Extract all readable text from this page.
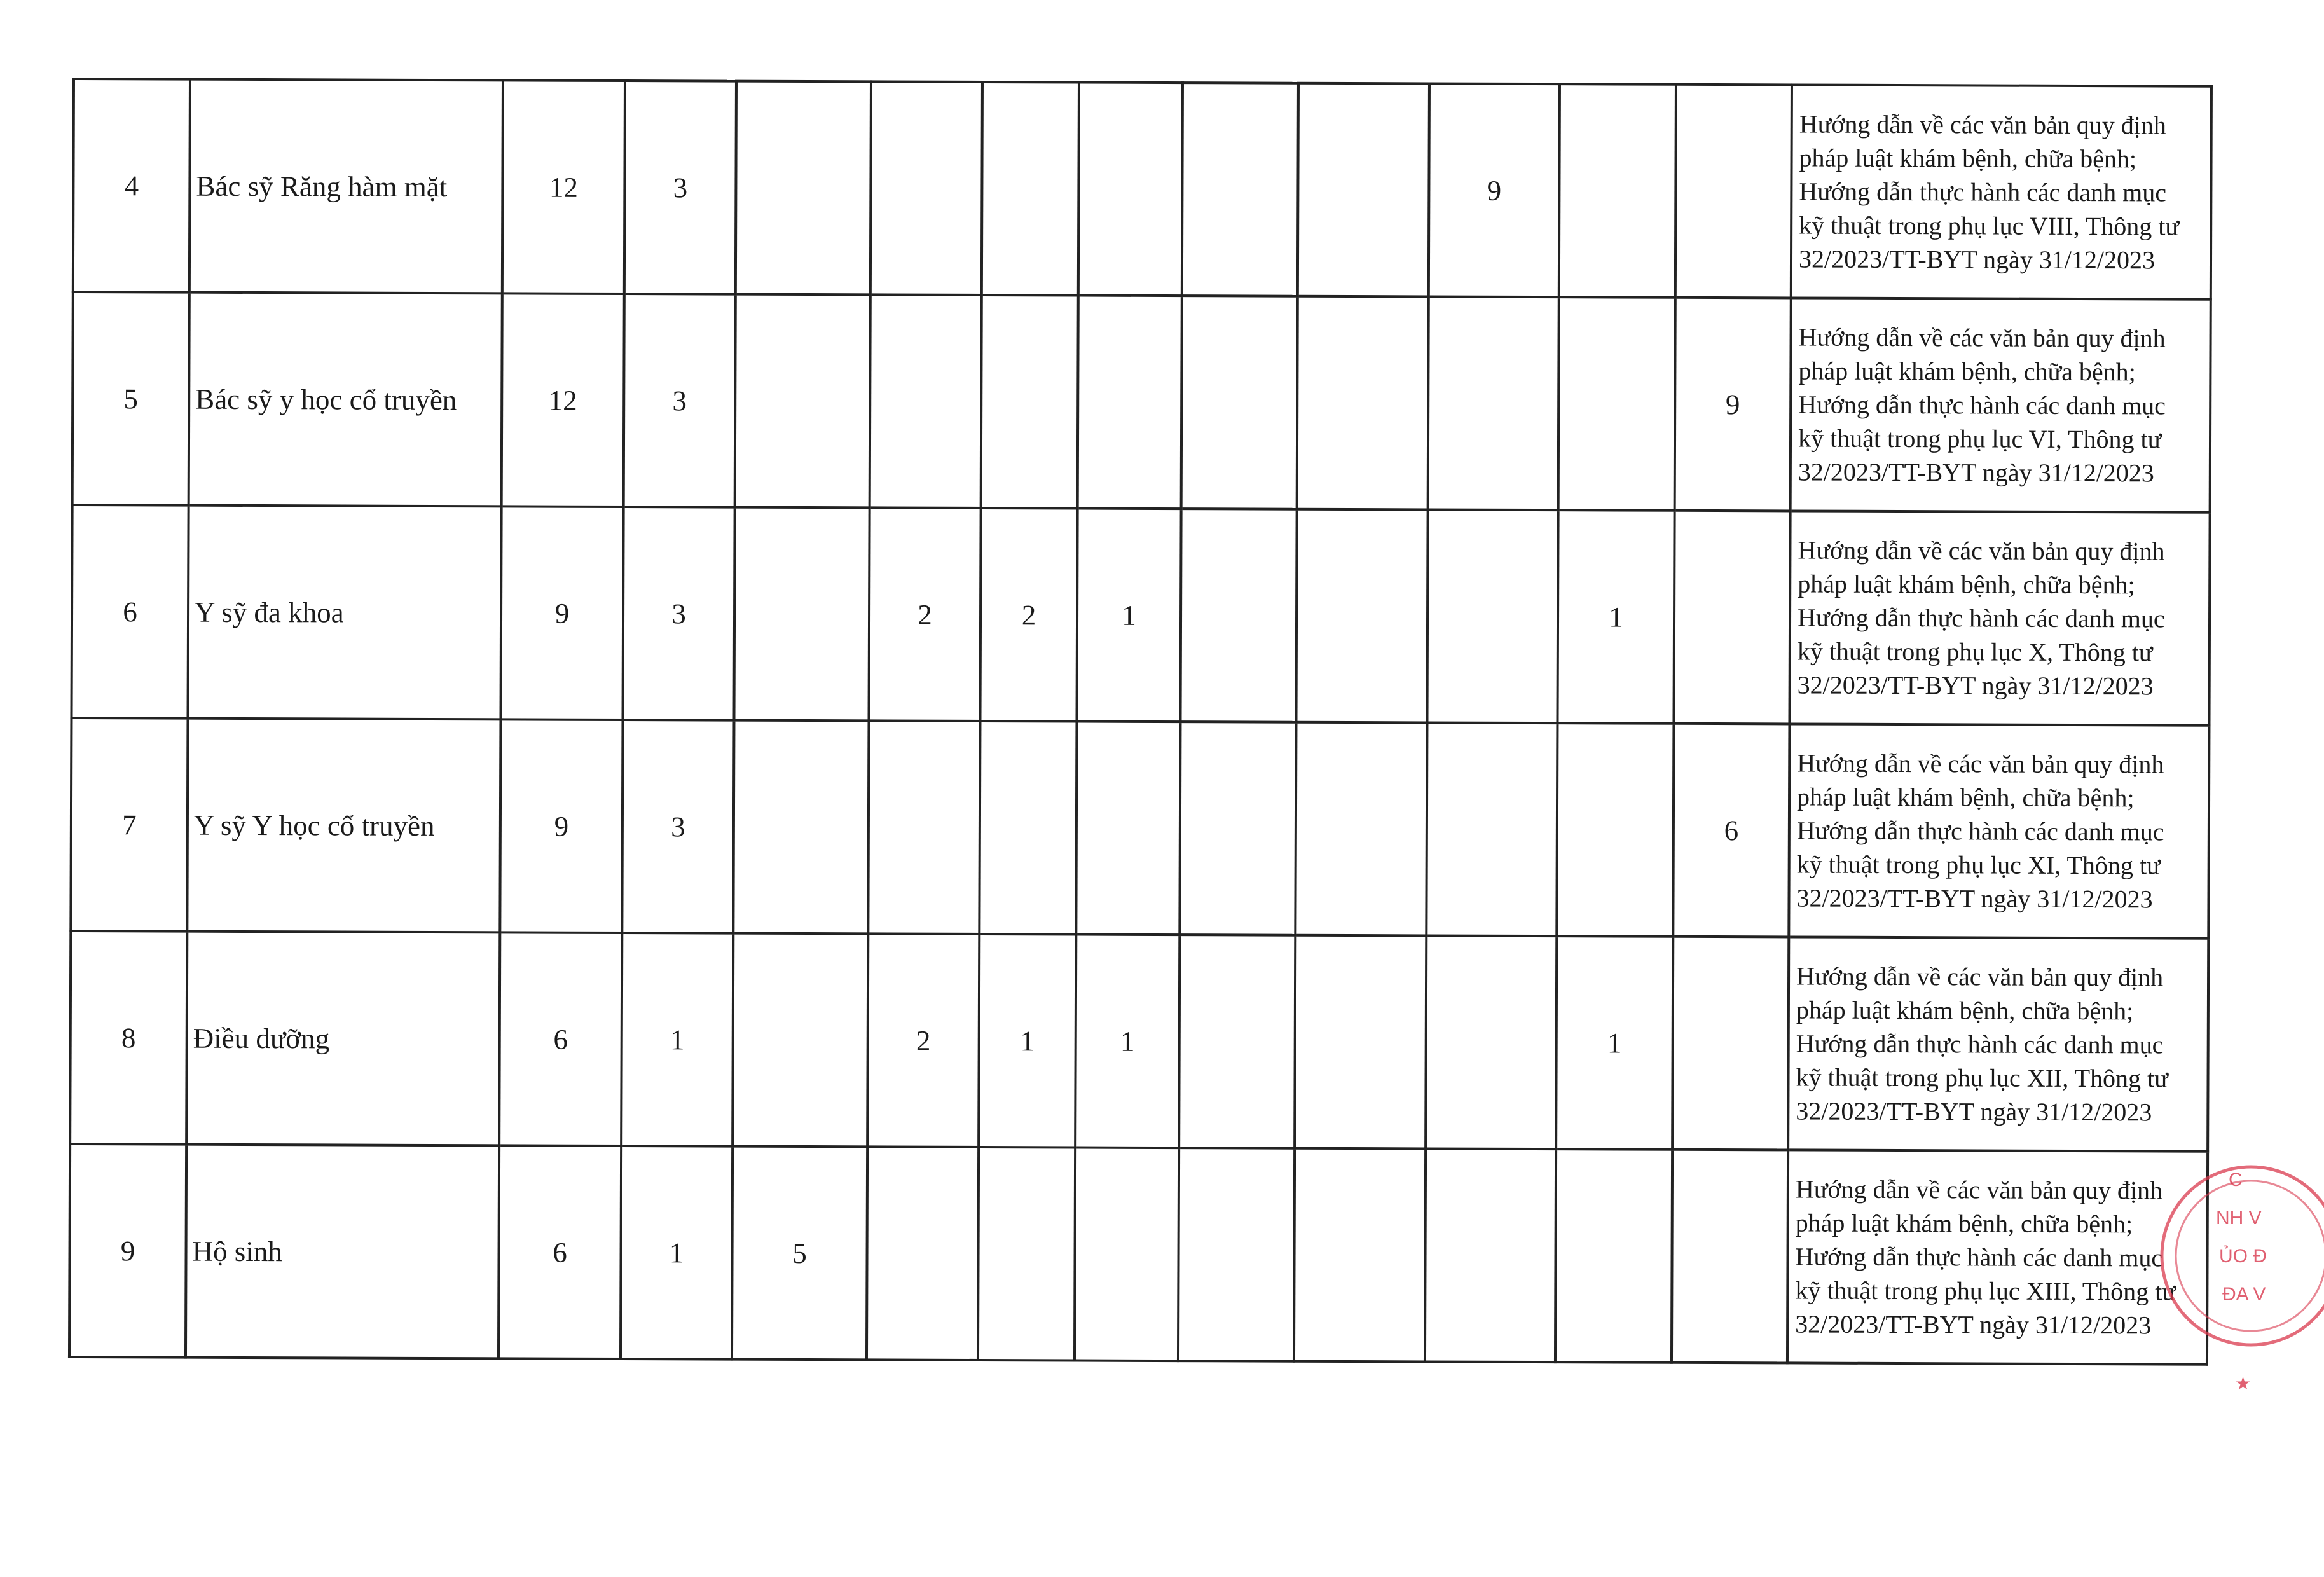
4	Bác sỹ Răng hàm mặt	12	3							9			Hướng dẫn về các văn bản quy định
pháp luật khám bệnh, chữa bệnh;
Hướng dẫn thực hành các danh mục
kỹ thuật trong phụ lục VIII, Thông tư
32/2023/TT-BYT ngày 31/12/2023

5	Bác sỹ y học cổ truyền	12	3									9	Hướng dẫn về các văn bản quy định
pháp luật khám bệnh, chữa bệnh;
Hướng dẫn thực hành các danh mục
kỹ thuật trong phụ lục VI, Thông tư
32/2023/TT-BYT ngày 31/12/2023

6	Y sỹ đa khoa	9	3		2	2	1				1		Hướng dẫn về các văn bản quy định
pháp luật khám bệnh, chữa bệnh;
Hướng dẫn thực hành các danh mục
kỹ thuật trong phụ lục X, Thông tư
32/2023/TT-BYT ngày 31/12/2023

7	Y sỹ Y học cổ truyền	9	3									6	Hướng dẫn về các văn bản quy định
pháp luật khám bệnh, chữa bệnh;
Hướng dẫn thực hành các danh mục
kỹ thuật trong phụ lục XI, Thông tư
32/2023/TT-BYT ngày 31/12/2023

8	Điều dưỡng	6	1		2	1	1				1		Hướng dẫn về các văn bản quy định
pháp luật khám bệnh, chữa bệnh;
Hướng dẫn thực hành các danh mục
kỹ thuật trong phụ lục XII, Thông tư
32/2023/TT-BYT ngày 31/12/2023

9	Hộ sinh	6	1	5									Hướng dẫn về các văn bản quy định
pháp luật khám bệnh, chữa bệnh;
Hướng dẫn thực hành các danh mục
kỹ thuật trong phụ lục XIII, Thông tư
32/2023/TT-BYT ngày 31/12/2023
C
NH V
ỦO Đ
ĐA V
★
